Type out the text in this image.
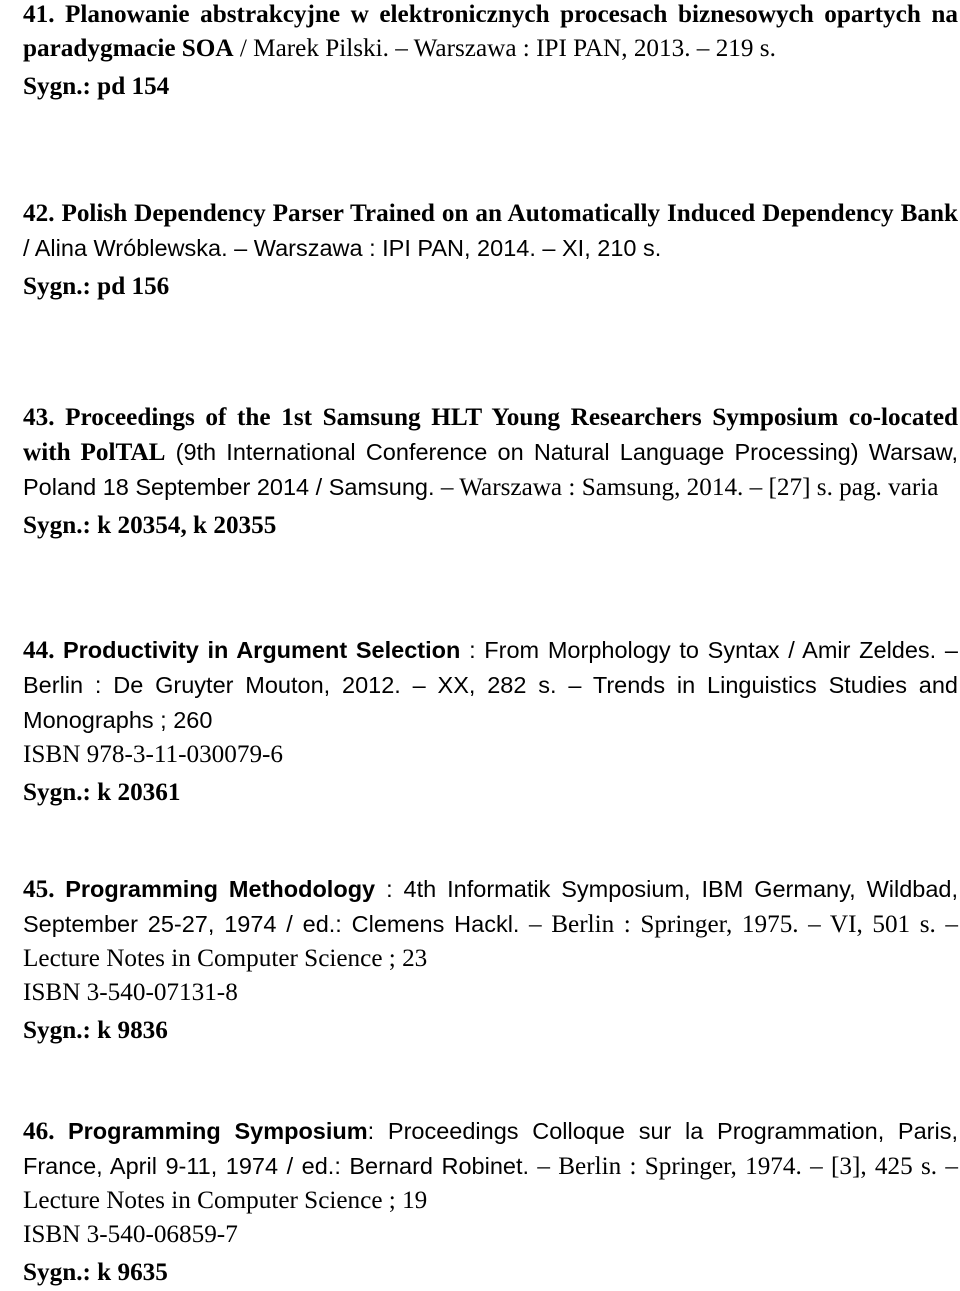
41. Planowanie abstrakcyjne w elektronicznych procesach biznesowych opartych na paradygmacie SOA / Marek Pilski. – Warszawa : IPI PAN, 2013. – 219 s.

Sygn.: pd 154

42. Polish Dependency Parser Trained on an Automatically Induced Dependency Bank / Alina Wróblewska. – Warszawa : IPI PAN, 2014. – XI, 210 s.

Sygn.: pd 156

43. Proceedings of the 1st Samsung HLT Young Researchers Symposium co-located with PolTAL (9th International Conference on Natural Language Processing) Warsaw, Poland 18 September 2014 / Samsung. – Warszawa : Samsung, 2014. – [27] s. pag. varia

Sygn.: k 20354, k 20355

44. Productivity in Argument Selection : From Morphology to Syntax / Amir Zeldes. – Berlin : De Gruyter Mouton, 2012. – XX, 282 s. – Trends in Linguistics Studies and Monographs ; 260

ISBN 978-3-11-030079-6

Sygn.: k 20361

45. Programming Methodology : 4th Informatik Symposium, IBM Germany, Wildbad, September 25-27, 1974 / ed.: Clemens Hackl. – Berlin : Springer, 1975. – VI, 501 s. – Lecture Notes in Computer Science ; 23

ISBN 3-540-07131-8

Sygn.: k 9836

46. Programming Symposium: Proceedings Colloque sur la Programmation, Paris, France, April 9-11, 1974 / ed.: Bernard Robinet. – Berlin : Springer, 1974. – [3], 425 s. – Lecture Notes in Computer Science ; 19

ISBN 3-540-06859-7

Sygn.: k 9635
